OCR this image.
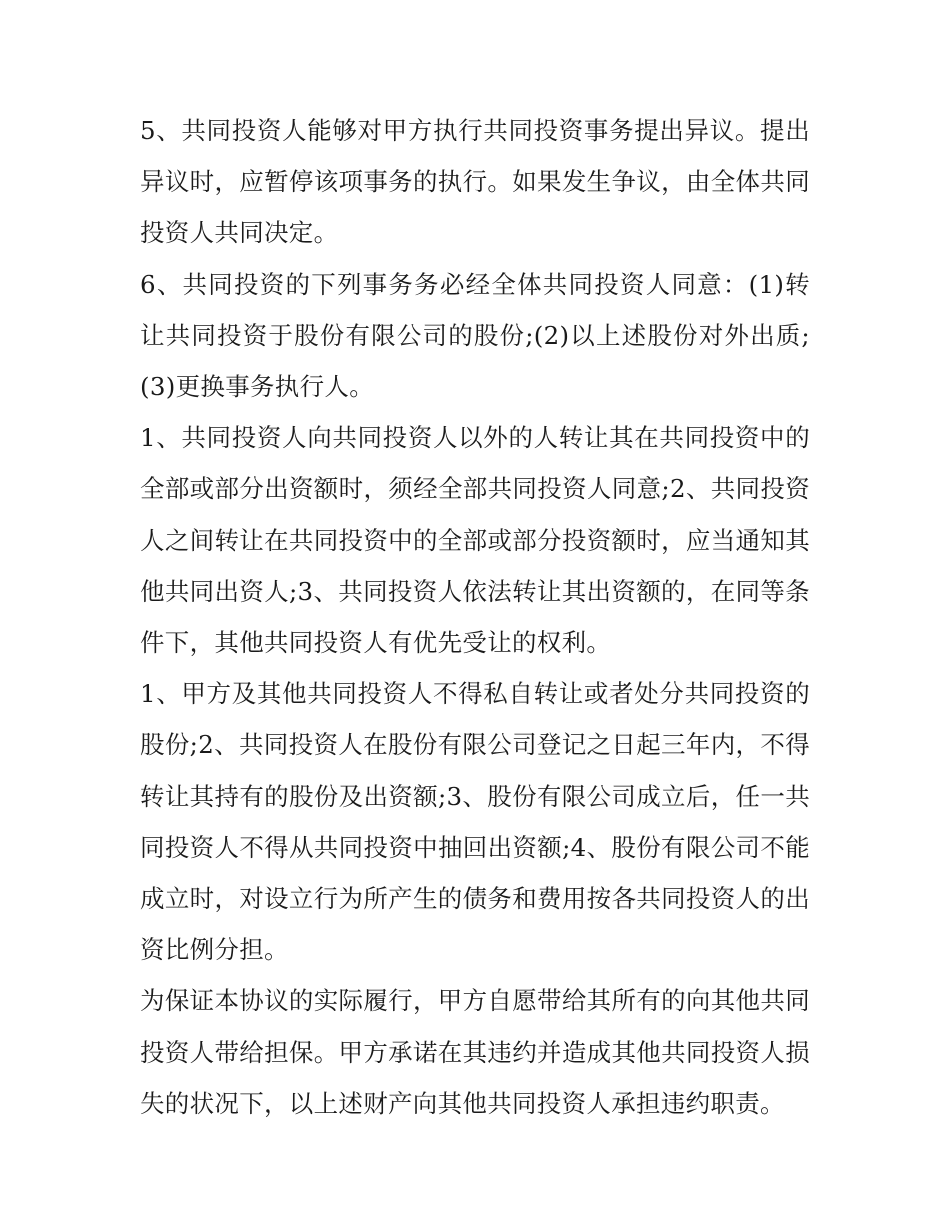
5、共同投资人能够对甲方执行共同投资事务提出异议。提出异议时，应暂停该项事务的执行。如果发生争议，由全体共同投资人共同决定。

6、共同投资的下列事务务必经全体共同投资人同意：(1)转让共同投资于股份有限公司的股份;(2)以上述股份对外出质;(3)更换事务执行人。

1、共同投资人向共同投资人以外的人转让其在共同投资中的全部或部分出资额时，须经全部共同投资人同意;2、共同投资人之间转让在共同投资中的全部或部分投资额时，应当通知其他共同出资人;3、共同投资人依法转让其出资额的，在同等条件下，其他共同投资人有优先受让的权利。

1、甲方及其他共同投资人不得私自转让或者处分共同投资的股份;2、共同投资人在股份有限公司登记之日起三年内，不得转让其持有的股份及出资额;3、股份有限公司成立后，任一共同投资人不得从共同投资中抽回出资额;4、股份有限公司不能成立时，对设立行为所产生的债务和费用按各共同投资人的出资比例分担。

为保证本协议的实际履行，甲方自愿带给其所有的向其他共同投资人带给担保。甲方承诺在其违约并造成其他共同投资人损失的状况下，以上述财产向其他共同投资人承担违约职责。
